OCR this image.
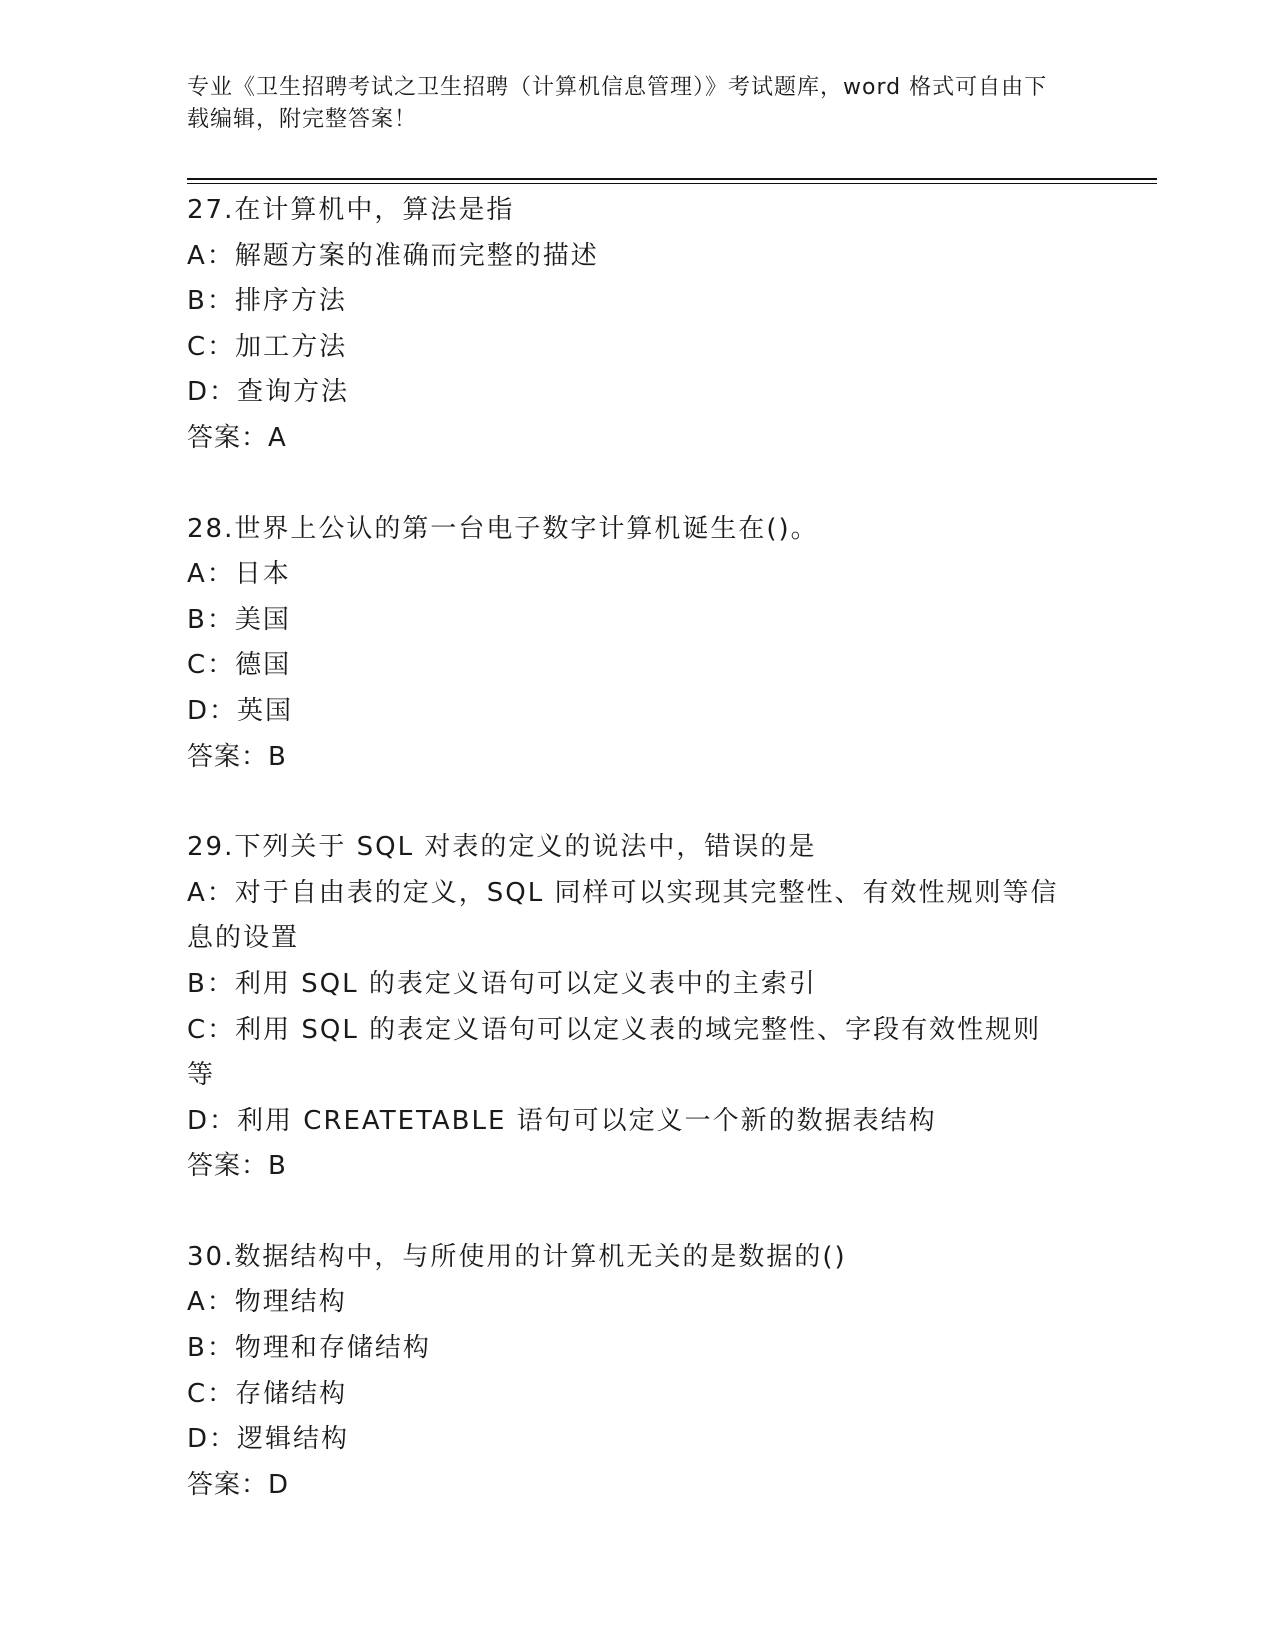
专业《卫生招聘考试之卫生招聘（计算机信息管理）》考试题库，word 格式可自由下载编辑，附完整答案！

27.在计算机中，算法是指

A：解题方案的准确而完整的描述

B：排序方法

C：加工方法

D：查询方法

答案：A

28.世界上公认的第一台电子数字计算机诞生在()。

A：日本

B：美国

C：德国

D：英国

答案：B

29.下列关于 SQL 对表的定义的说法中，错误的是

A：对于自由表的定义，SQL 同样可以实现其完整性、有效性规则等信息的设置

B：利用 SQL 的表定义语句可以定义表中的主索引

C：利用 SQL 的表定义语句可以定义表的域完整性、字段有效性规则等

D：利用 CREATETABLE 语句可以定义一个新的数据表结构

答案：B

30.数据结构中，与所使用的计算机无关的是数据的()

A：物理结构

B：物理和存储结构

C：存储结构

D：逻辑结构

答案：D
